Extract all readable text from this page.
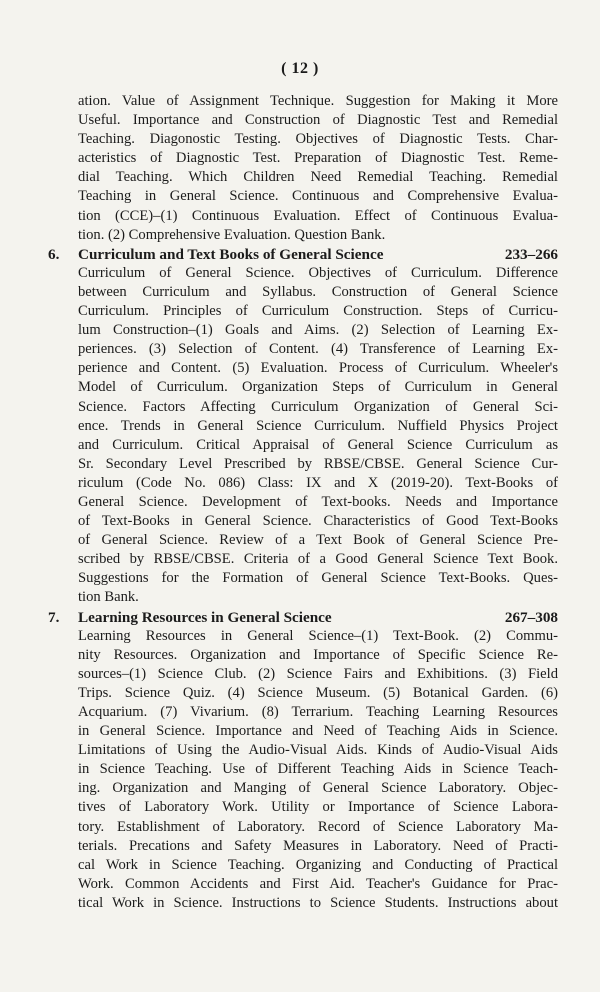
( 12 )
ation. Value of Assignment Technique. Suggestion for Making it More
Useful. Importance and Construction of Diagnostic Test and Remedial
Teaching. Diagonostic Testing. Objectives of Diagnostic Tests. Char-
acteristics of Diagnostic Test. Preparation of Diagnostic Test. Reme-
dial Teaching. Which Children Need Remedial Teaching. Remedial
Teaching in General Science. Continuous and Comprehensive Evalua-
tion (CCE)–(1) Continuous Evaluation. Effect of Continuous Evalua-
tion. (2) Comprehensive Evaluation. Question Bank.
6. Curriculum and Text Books of General Science	233–266
Curriculum of General Science. Objectives of Curriculum. Difference
between Curriculum and Syllabus. Construction of General Science
Curriculum. Principles of Curriculum Construction. Steps of Curricu-
lum Construction–(1) Goals and Aims. (2) Selection of Learning Ex-
periences. (3) Selection of Content. (4) Transference of Learning Ex-
perience and Content. (5) Evaluation. Process of Curriculum. Wheeler's
Model of Curriculum. Organization Steps of Curriculum in General
Science. Factors Affecting Curriculum Organization of General Sci-
ence. Trends in General Science Curriculum. Nuffield Physics Project
and Curriculum. Critical Appraisal of General Science Curriculum as
Sr. Secondary Level Prescribed by RBSE/CBSE. General Science Cur-
riculum (Code No. 086) Class: IX and X (2019-20). Text-Books of
General Science. Development of Text-books. Needs and Importance
of Text-Books in General Science. Characteristics of Good Text-Books
of General Science. Review of a Text Book of General Science Pre-
scribed by RBSE/CBSE. Criteria of a Good General Science Text Book.
Suggestions for the Formation of General Science Text-Books. Ques-
tion Bank.
7. Learning Resources in General Science	267–308
Learning Resources in General Science–(1) Text-Book. (2) Commu-
nity Resources. Organization and Importance of Specific Science Re-
sources–(1) Science Club. (2) Science Fairs and Exhibitions. (3) Field
Trips. Science Quiz. (4) Science Museum. (5) Botanical Garden. (6)
Acquarium. (7) Vivarium. (8) Terrarium. Teaching Learning Resources
in General Science. Importance and Need of Teaching Aids in Science.
Limitations of Using the Audio-Visual Aids. Kinds of Audio-Visual Aids
in Science Teaching. Use of Different Teaching Aids in Science Teach-
ing. Organization and Manging of General Science Laboratory. Objec-
tives of Laboratory Work. Utility or Importance of Science Labora-
tory. Establishment of Laboratory. Record of Science Laboratory Ma-
terials. Precations and Safety Measures in Laboratory. Need of Practi-
cal Work in Science Teaching. Organizing and Conducting of Practical
Work. Common Accidents and First Aid. Teacher's Guidance for Prac-
tical Work in Science. Instructions to Science Students. Instructions about
